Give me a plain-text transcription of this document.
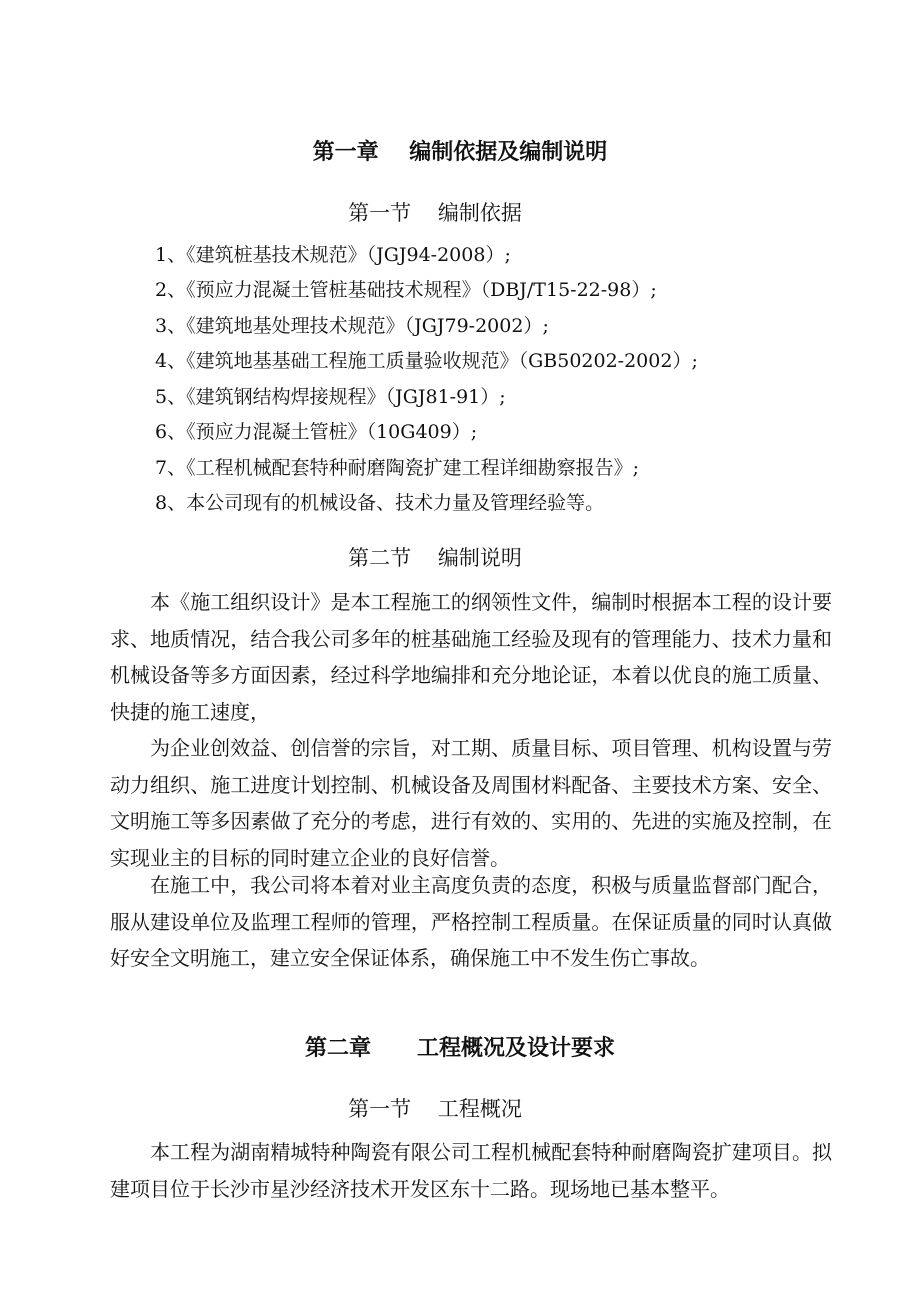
第一章    编制依据及编制说明
第一节    编制依据
1、《建筑桩基技术规范》（JGJ94-2008）;
2、《预应力混凝土管桩基础技术规程》（DBJ/T15-22-98）;
3、《建筑地基处理技术规范》（JGJ79-2002）;
4、《建筑地基基础工程施工质量验收规范》（GB50202-2002）;
5、《建筑钢结构焊接规程》（JGJ81-91）;
6、《预应力混凝土管桩》（10G409）;
7、《工程机械配套特种耐磨陶瓷扩建工程详细勘察报告》;
8、本公司现有的机械设备、技术力量及管理经验等。
第二节    编制说明
本《施工组织设计》是本工程施工的纲领性文件，编制时根据本工程的设计要求、地质情况，结合我公司多年的桩基础施工经验及现有的管理能力、技术力量和机械设备等多方面因素，经过科学地编排和充分地论证，本着以优良的施工质量、快捷的施工速度，
为企业创效益、创信誉的宗旨，对工期、质量目标、项目管理、机构设置与劳动力组织、施工进度计划控制、机械设备及周围材料配备、主要技术方案、安全、文明施工等多因素做了充分的考虑，进行有效的、实用的、先进的实施及控制，在实现业主的目标的同时建立企业的良好信誉。
在施工中，我公司将本着对业主高度负责的态度，积极与质量监督部门配合，服从建设单位及监理工程师的管理，严格控制工程质量。在保证质量的同时认真做好安全文明施工，建立安全保证体系，确保施工中不发生伤亡事故。
第二章      工程概况及设计要求
第一节    工程概况
本工程为湖南精城特种陶瓷有限公司工程机械配套特种耐磨陶瓷扩建项目。拟建项目位于长沙市星沙经济技术开发区东十二路。现场地已基本整平。
